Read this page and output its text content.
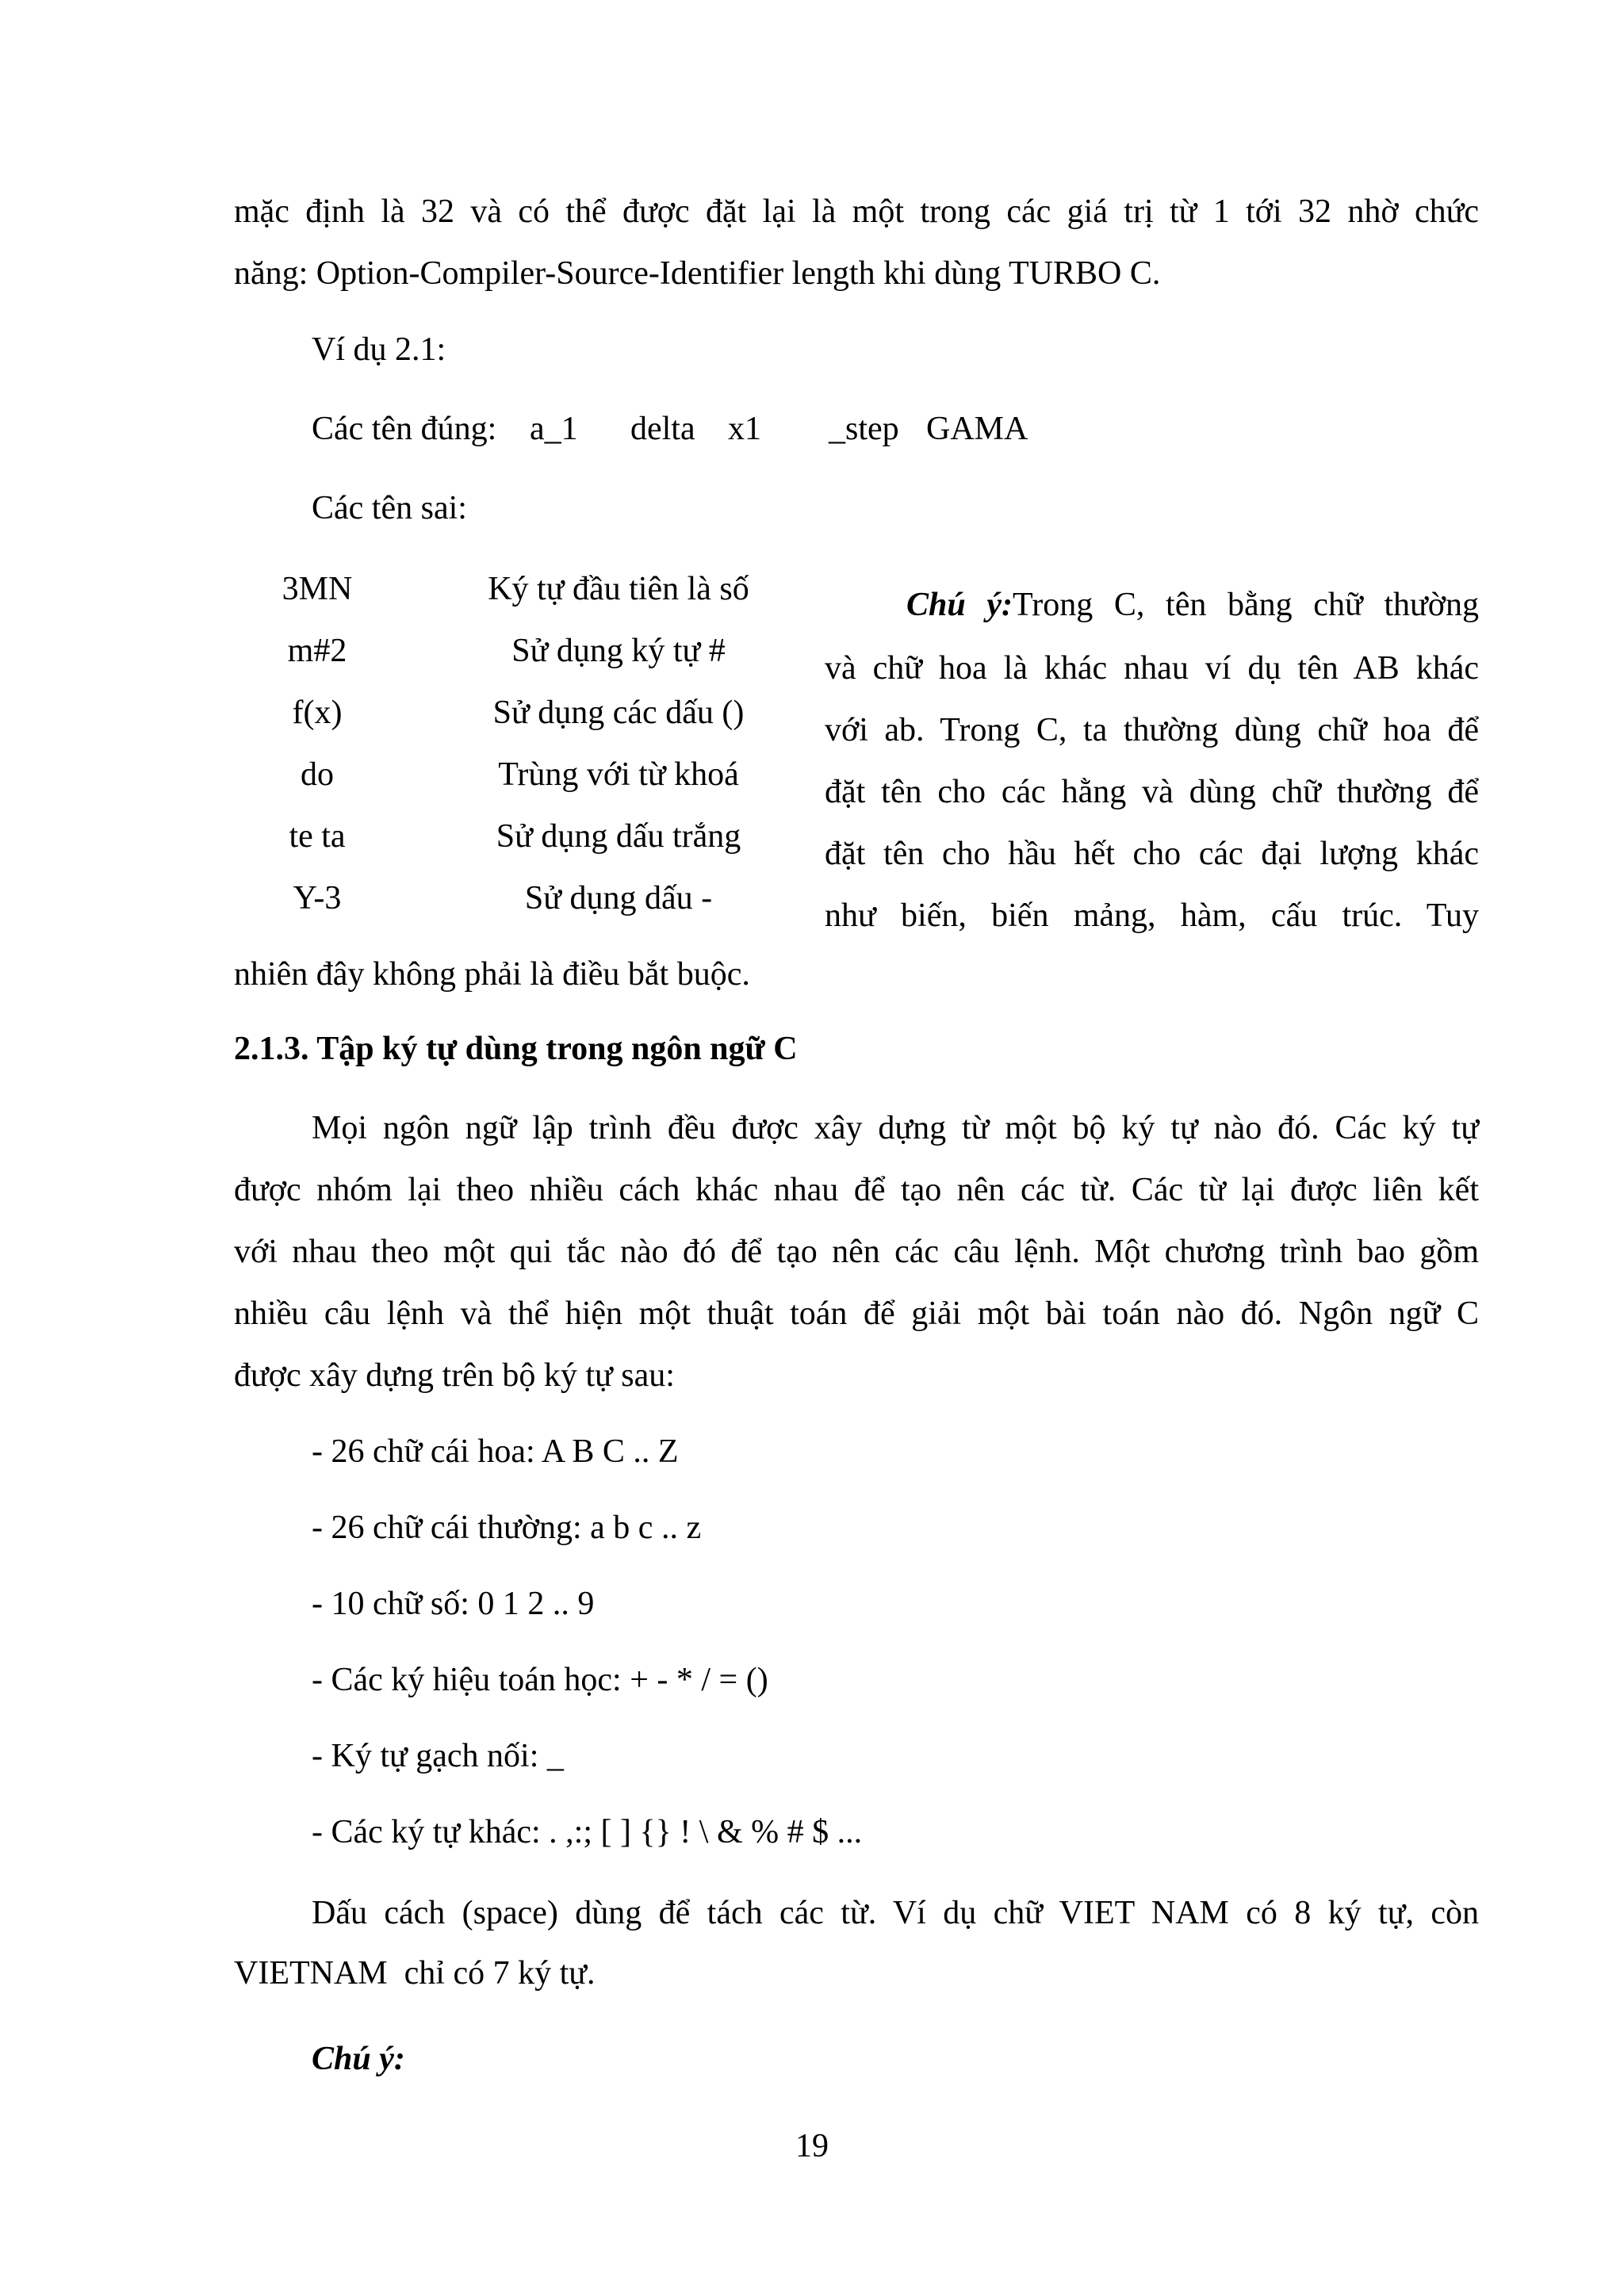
mặc định là 32 và có thể được đặt lại là một trong các giá trị từ 1 tới 32 nhờ chức
năng: Option-Compiler-Source-Identifier length khi dùng TURBO C.
Ví dụ 2.1:
Các tên đúng: a_1 delta x1 _step GAMA
Các tên sai:
3MN	Ký tự đầu tiên là số
m#2	Sử dụng ký tự #
f(x)	Sử dụng các dấu ()
do	Trùng với từ khoá
te ta	Sử dụng dấu trắng
Y-3	Sử dụng dấu -
Chú ý:Trong C, tên bằng chữ thường
và chữ hoa là khác nhau ví dụ tên AB khác
với ab. Trong C, ta thường dùng chữ hoa để
đặt tên cho các hằng và dùng chữ thường để
đặt tên cho hầu hết cho các đại lượng khác
như biến, biến mảng, hàm, cấu trúc. Tuy
nhiên đây không phải là điều bắt buộc.
2.1.3. Tập ký tự dùng trong ngôn ngữ C
Mọi ngôn ngữ lập trình đều được xây dựng từ một bộ ký tự nào đó. Các ký tự
được nhóm lại theo nhiều cách khác nhau để tạo nên các từ. Các từ lại được liên kết
với nhau theo một qui tắc nào đó để tạo nên các câu lệnh. Một chương trình bao gồm
nhiều câu lệnh và thể hiện một thuật toán để giải một bài toán nào đó. Ngôn ngữ C
được xây dựng trên bộ ký tự sau:
- 26 chữ cái hoa: A B C .. Z
- 26 chữ cái thường: a b c .. z
- 10 chữ số: 0 1 2 .. 9
- Các ký hiệu toán học: + - * / = ()
- Ký tự gạch nối: _
- Các ký tự khác: . ,:; [ ] {} ! \ & % # $ ...
Dấu cách (space) dùng để tách các từ. Ví dụ chữ VIET NAM có 8 ký tự, còn
VIETNAM  chỉ có 7 ký tự.
Chú ý:
19
